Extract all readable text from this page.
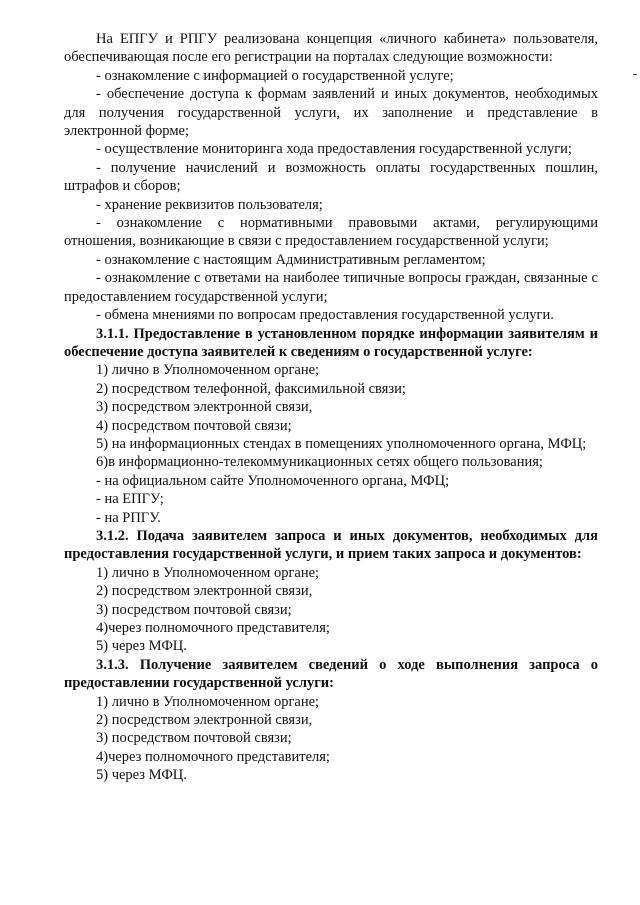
На ЕПГУ и РПГУ реализована концепция «личного кабинета» пользователя, обеспечивающая после его регистрации на порталах следующие возможности:

- ознакомление с информацией о государственной услуге;

- обеспечение доступа к формам заявлений и иных документов, необходимых для получения государственной услуги, их заполнение и представление в электронной форме;

- осуществление мониторинга хода предоставления государственной услуги;

- получение начислений и возможность оплаты государственных пошлин, штрафов и сборов;

- хранение реквизитов пользователя;

- ознакомление с нормативными правовыми актами, регулирующими отношения, возникающие в связи с предоставлением государственной услуги;

- ознакомление с настоящим Административным регламентом;

- ознакомление с ответами на наиболее типичные вопросы граждан, связанные с предоставлением государственной услуги;

- обмена мнениями по вопросам предоставления государственной услуги.

3.1.1. Предоставление в установленном порядке информации заявителям и обеспечение доступа заявителей к сведениям о государственной услуге:

1) лично в Уполномоченном органе;

2) посредством телефонной, факсимильной связи;

3) посредством электронной связи,

4) посредством почтовой связи;

5) на информационных стендах в помещениях уполномоченного органа, МФЦ;

6)в информационно-телекоммуникационных сетях общего пользования;

- на официальном сайте Уполномоченного органа, МФЦ;

- на ЕПГУ;

- на РПГУ.

3.1.2. Подача заявителем запроса и иных документов, необходимых для предоставления государственной услуги, и прием таких запроса и документов:

1) лично в Уполномоченном органе;

2) посредством электронной связи,

3) посредством почтовой связи;

4)через полномочного представителя;

5) через МФЦ.

3.1.3. Получение заявителем сведений о ходе выполнения запроса о предоставлении государственной услуги:

1) лично в Уполномоченном органе;

2) посредством электронной связи,

3) посредством почтовой связи;

4)через полномочного представителя;

5) через МФЦ.
